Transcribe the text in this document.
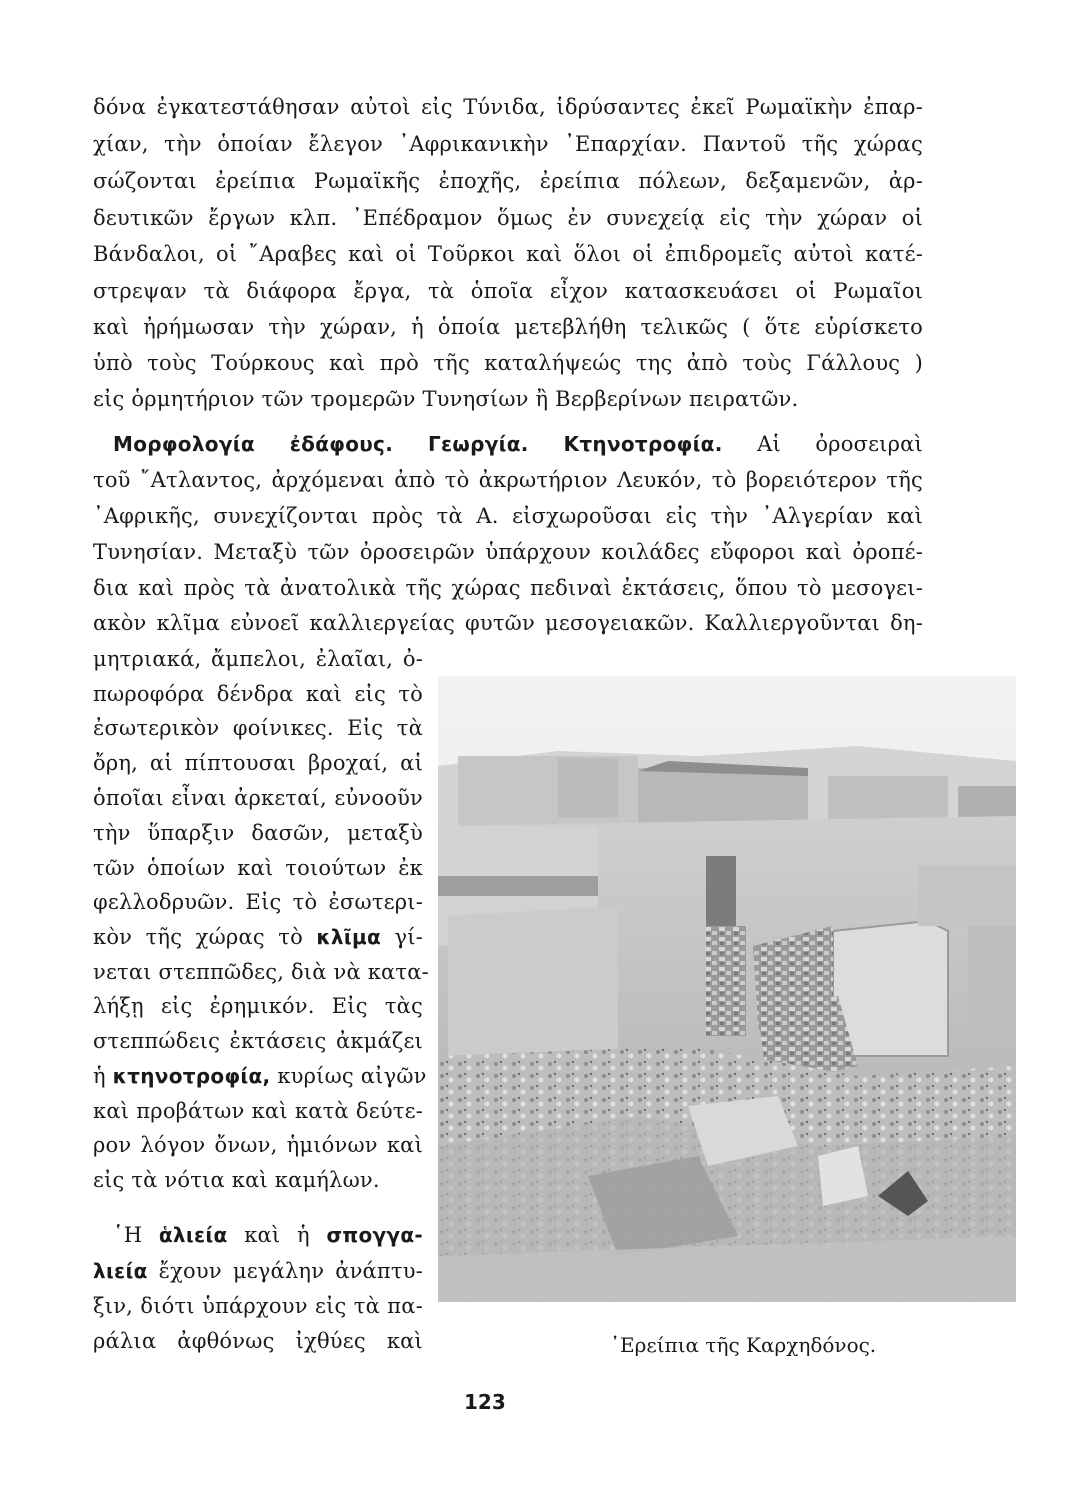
δόνα ἐγκατεστάθησαν αὐτοὶ εἰς Τύνιδα, ἱδρύσαντες ἐκεῖ Ρωμαϊκὴν ἐπαρ-
χίαν, τὴν ὁποίαν ἔλεγον ᾿Αφρικανικὴν ᾿Επαρχίαν. Παντοῦ τῆς χώρας
σώζονται ἐρείπια Ρωμαϊκῆς ἐποχῆς, ἐρείπια πόλεων, δεξαμενῶν, ἀρ-
δευτικῶν ἔργων κλπ. ᾿Επέδραμον ὅμως ἐν συνεχείᾳ εἰς τὴν χώραν οἱ
Βάνδαλοι, οἱ ῎Αραβες καὶ οἱ Τοῦρκοι καὶ ὅλοι οἱ ἐπιδρομεῖς αὐτοὶ κατέ-
στρεψαν τὰ διάφορα ἔργα, τὰ ὁποῖα εἶχον κατασκευάσει οἱ Ρωμαῖοι
καὶ ἠρήμωσαν τὴν χώραν, ἡ ὁποία μετεβλήθη τελικῶς ( ὅτε εὑρίσκετο
ὑπὸ τοὺς Τούρκους καὶ πρὸ τῆς καταλήψεώς της ἀπὸ τοὺς Γάλλους )
εἰς ὁρμητήριον τῶν τρομερῶν Τυνησίων ἢ Βερβερίνων πειρατῶν.
Μορφολογία ἐδάφους. Γεωργία. Κτηνοτροφία. Αἱ ὀροσειραὶ
τοῦ ῎Ατλαντος, ἀρχόμεναι ἀπὸ τὸ ἀκρωτήριον Λευκόν, τὸ βορειότερον τῆς
᾿Αφρικῆς, συνεχίζονται πρὸς τὰ Α. εἰσχωροῦσαι εἰς τὴν ᾿Αλγερίαν καὶ
Τυνησίαν. Μεταξὺ τῶν ὀροσειρῶν ὑπάρχουν κοιλάδες εὔφοροι καὶ ὀροπέ-
δια καὶ πρὸς τὰ ἀνατολικὰ τῆς χώρας πεδιναὶ ἐκτάσεις, ὅπου τὸ μεσογει-
ακὸν κλῖμα εὐνοεῖ καλλιεργείας φυτῶν μεσογειακῶν. Καλλιεργοῦνται δη-
μητριακά, ἄμπελοι, ἐλαῖαι, ὀ-
πωροφόρα δένδρα καὶ εἰς τὸ
ἐσωτερικὸν φοίνικες. Εἰς τὰ
ὄρη, αἱ πίπτουσαι βροχαί, αἱ
ὁποῖαι εἶναι ἀρκεταί, εὐνοοῦν
τὴν ὕπαρξιν δασῶν, μεταξὺ
τῶν ὁποίων καὶ τοιούτων ἐκ
φελλοδρυῶν. Εἰς τὸ ἐσωτερι-
κὸν τῆς χώρας τὸ κλῖμα γί-
νεται στεππῶδες, διὰ νὰ κατα-
λήξῃ εἰς ἐρημικόν. Εἰς τὰς
στεππώδεις ἐκτάσεις ἀκμάζει
ἡ κτηνοτροφία, κυρίως αἰγῶν
καὶ προβάτων καὶ κατὰ δεύτε-
ρον λόγον ὄνων, ἡμιόνων καὶ
εἰς τὰ νότια καὶ καμήλων.
῾Η ἁλιεία καὶ ἡ σπογγα-
λιεία ἔχουν μεγάλην ἀνάπτυ-
ξιν, διότι ὑπάρχουν εἰς τὰ πα-
ράλια ἀφθόνως ἰχθύες καὶ	᾿Ερείπια τῆς Καρχηδόνος.
123
